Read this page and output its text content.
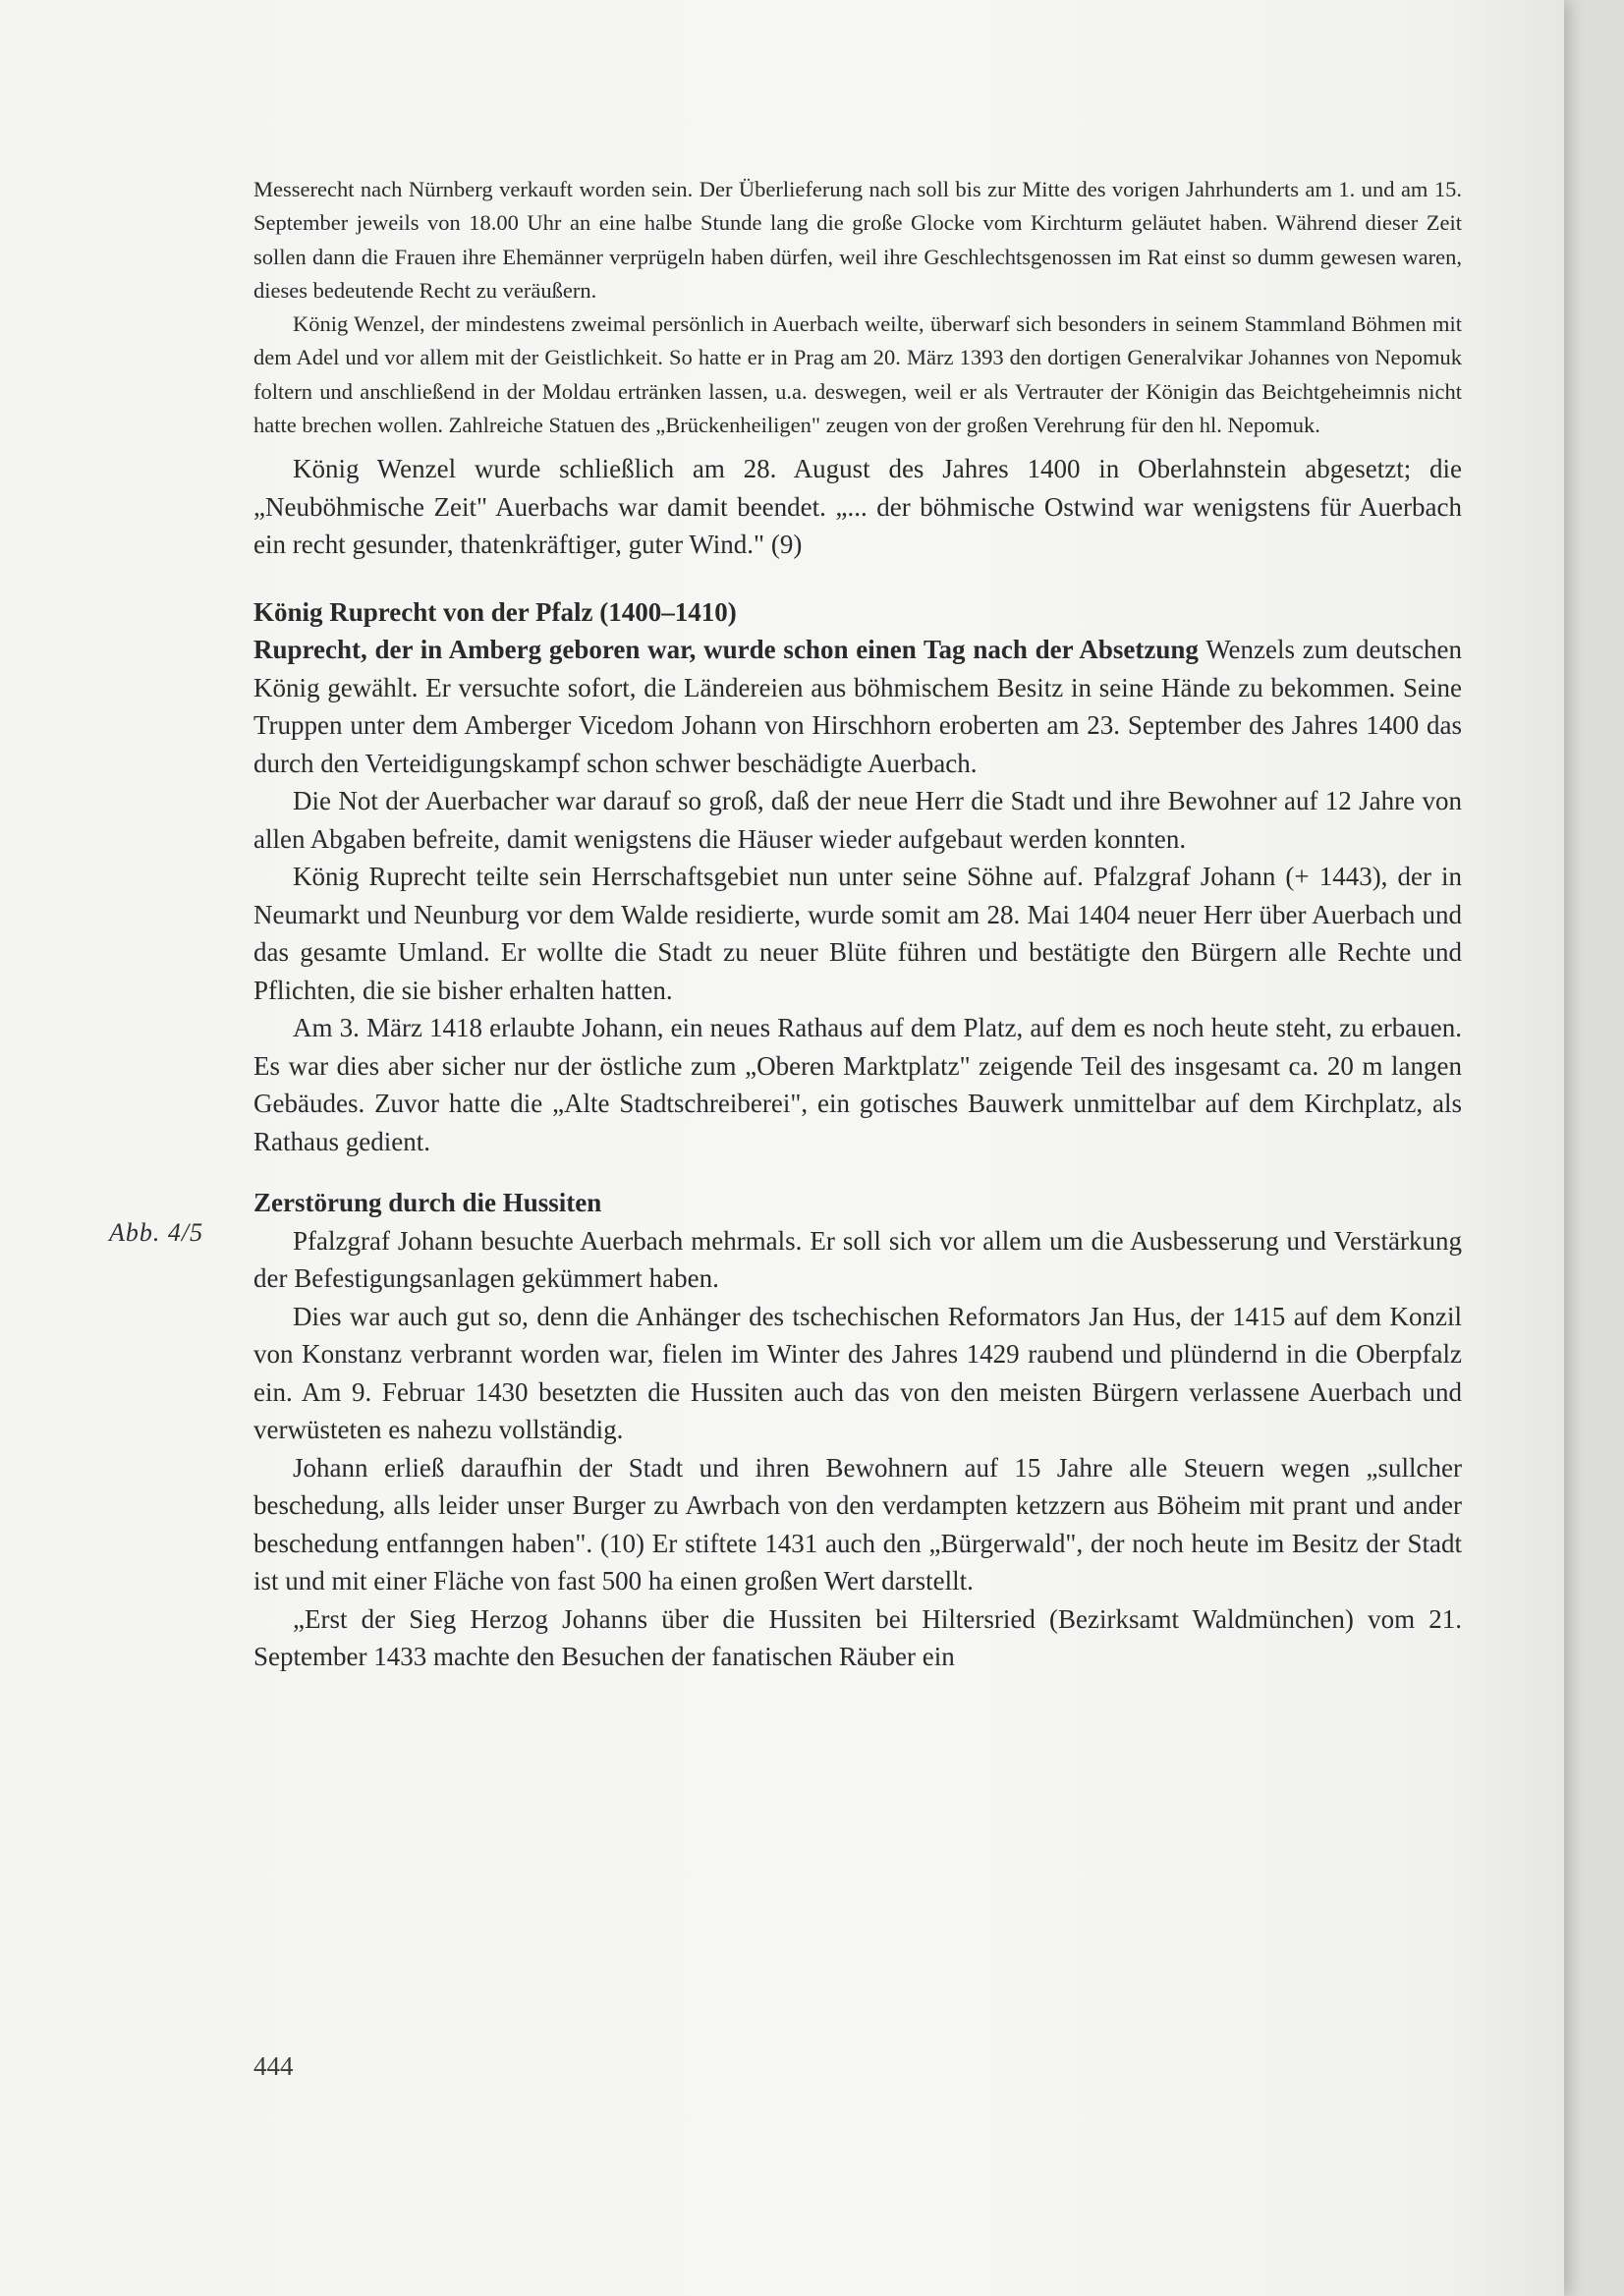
Messerecht nach Nürnberg verkauft worden sein. Der Überlieferung nach soll bis zur Mitte des vorigen Jahrhunderts am 1. und am 15. September jeweils von 18.00 Uhr an eine halbe Stunde lang die große Glocke vom Kirchturm geläutet haben. Während dieser Zeit sollen dann die Frauen ihre Ehemänner verprügeln haben dürfen, weil ihre Geschlechtsgenossen im Rat einst so dumm gewesen waren, dieses bedeutende Recht zu veräußern.

König Wenzel, der mindestens zweimal persönlich in Auerbach weilte, überwarf sich besonders in seinem Stammland Böhmen mit dem Adel und vor allem mit der Geistlichkeit. So hatte er in Prag am 20. März 1393 den dortigen Generalvikar Johannes von Nepomuk foltern und anschließend in der Moldau ertränken lassen, u.a. deswegen, weil er als Vertrauter der Königin das Beichtgeheimnis nicht hatte brechen wollen. Zahlreiche Statuen des „Brückenheiligen" zeugen von der großen Verehrung für den hl. Nepomuk.

König Wenzel wurde schließlich am 28. August des Jahres 1400 in Oberlahnstein abgesetzt; die „Neuböhmische Zeit" Auerbachs war damit beendet. „... der böhmische Ostwind war wenigstens für Auerbach ein recht gesunder, thatenkräftiger, guter Wind." (9)

König Ruprecht von der Pfalz (1400–1410)

Ruprecht, der in Amberg geboren war, wurde schon einen Tag nach der Absetzung Wenzels zum deutschen König gewählt. Er versuchte sofort, die Ländereien aus böhmischem Besitz in seine Hände zu bekommen. Seine Truppen unter dem Amberger Vicedom Johann von Hirschhorn eroberten am 23. September des Jahres 1400 das durch den Verteidigungskampf schon schwer beschädigte Auerbach.

Die Not der Auerbacher war darauf so groß, daß der neue Herr die Stadt und ihre Bewohner auf 12 Jahre von allen Abgaben befreite, damit wenigstens die Häuser wieder aufgebaut werden konnten.

König Ruprecht teilte sein Herrschaftsgebiet nun unter seine Söhne auf. Pfalzgraf Johann (+ 1443), der in Neumarkt und Neunburg vor dem Walde residierte, wurde somit am 28. Mai 1404 neuer Herr über Auerbach und das gesamte Umland. Er wollte die Stadt zu neuer Blüte führen und bestätigte den Bürgern alle Rechte und Pflichten, die sie bisher erhalten hatten.

Am 3. März 1418 erlaubte Johann, ein neues Rathaus auf dem Platz, auf dem es noch heute steht, zu erbauen. Es war dies aber sicher nur der östliche zum „Oberen Marktplatz" zeigende Teil des insgesamt ca. 20 m langen Gebäudes. Zuvor hatte die „Alte Stadtschreiberei", ein gotisches Bauwerk unmittelbar auf dem Kirchplatz, als Rathaus gedient.

Zerstörung durch die Hussiten

Pfalzgraf Johann besuchte Auerbach mehrmals. Er soll sich vor allem um die Ausbesserung und Verstärkung der Befestigungsanlagen gekümmert haben.

Dies war auch gut so, denn die Anhänger des tschechischen Reformators Jan Hus, der 1415 auf dem Konzil von Konstanz verbrannt worden war, fielen im Winter des Jahres 1429 raubend und plündernd in die Oberpfalz ein. Am 9. Februar 1430 besetzten die Hussiten auch das von den meisten Bürgern verlassene Auerbach und verwüsteten es nahezu vollständig.

Johann erließ daraufhin der Stadt und ihren Bewohnern auf 15 Jahre alle Steuern wegen „sullcher beschedung, alls leider unser Burger zu Awrbach von den verdampten ketzzern aus Böheim mit prant und ander beschedung entfanngen haben". (10) Er stiftete 1431 auch den „Bürgerwald", der noch heute im Besitz der Stadt ist und mit einer Fläche von fast 500 ha einen großen Wert darstellt.

„Erst der Sieg Herzog Johanns über die Hussiten bei Hiltersried (Bezirksamt Waldmünchen) vom 21. September 1433 machte den Besuchen der fanatischen Räuber ein

Abb. 4/5
444
